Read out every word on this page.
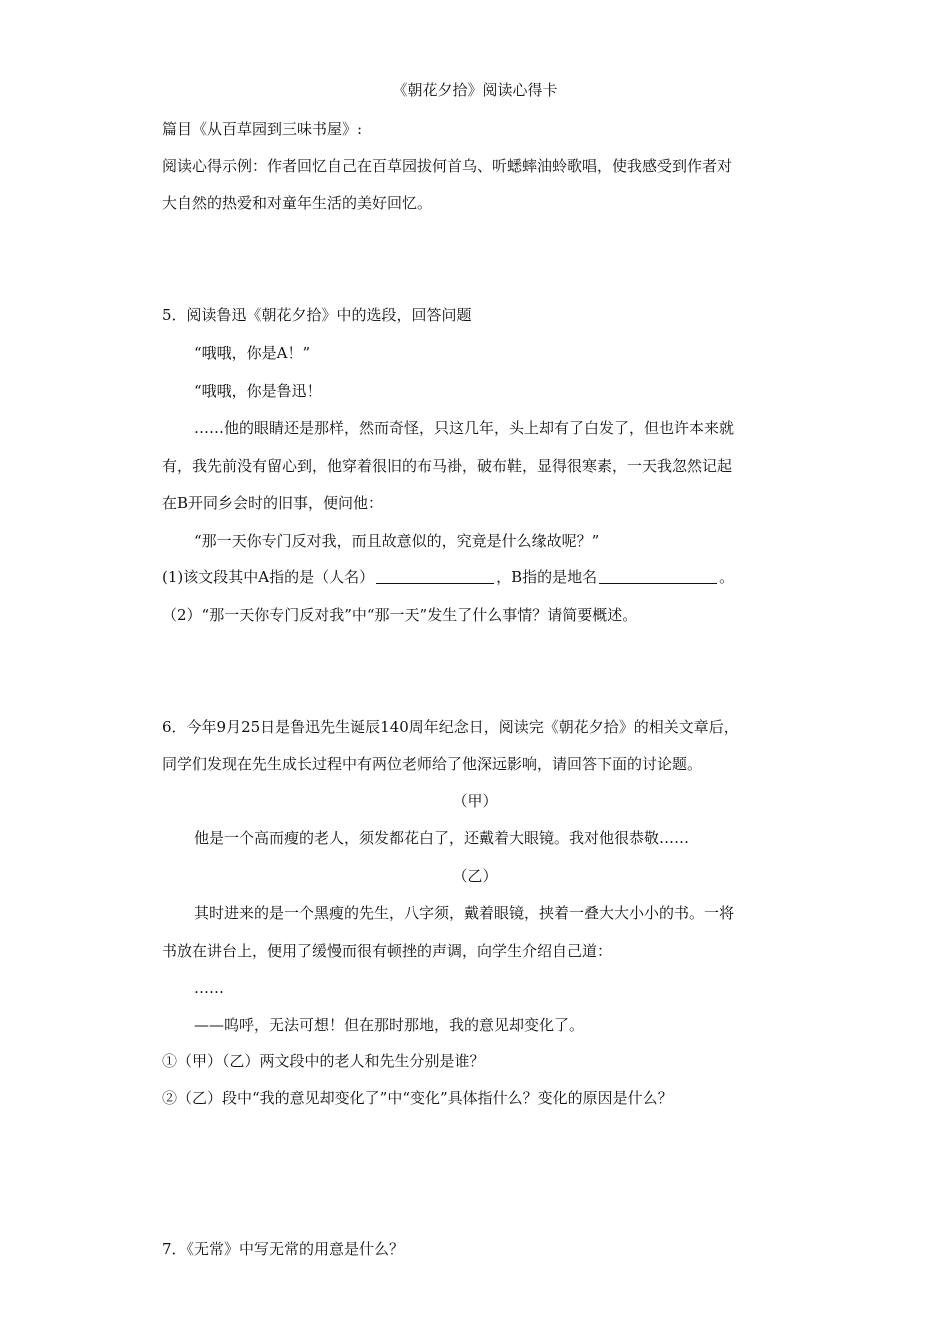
《朝花夕拾》阅读心得卡
篇目《从百草园到三味书屋》:
阅读心得示例：作者回忆自己在百草园拔何首乌、听蟋蟀油蛉歌唱，使我感受到作者对
大自然的热爱和对童年生活的美好回忆。
5．阅读鲁迅《朝花夕拾》中的选段，回答问题
“哦哦，你是A！”
“哦哦，你是鲁迅！
……他的眼睛还是那样，然而奇怪，只这几年，头上却有了白发了，但也许本来就
有，我先前没有留心到，他穿着很旧的布马褂，破布鞋，显得很寒素，一天我忽然记起
在B开同乡会时的旧事，便问他：
“那一天你专门反对我，而且故意似的，究竟是什么缘故呢？”
(1)该文段其中A指的是（人名）	，B指的是地名	。
（2）“那一天你专门反对我”中“那一天”发生了什么事情？请简要概述。
6．今年9月25日是鲁迅先生诞辰140周年纪念日，阅读完《朝花夕拾》的相关文章后，
同学们发现在先生成长过程中有两位老师给了他深远影响，请回答下面的讨论题。
（甲）
他是一个高而瘦的老人，须发都花白了，还戴着大眼镜。我对他很恭敬……
（乙）
其时进来的是一个黑瘦的先生，八字须，戴着眼镜，挟着一叠大大小小的书。一将
书放在讲台上，便用了缓慢而很有顿挫的声调，向学生介绍自己道：
……
——呜呼，无法可想！但在那时那地，我的意见却变化了。
①（甲）（乙）两文段中的老人和先生分别是谁？
②（乙）段中“我的意见却变化了”中“变化”具体指什么？变化的原因是什么？
7．《无常》中写无常的用意是什么？
